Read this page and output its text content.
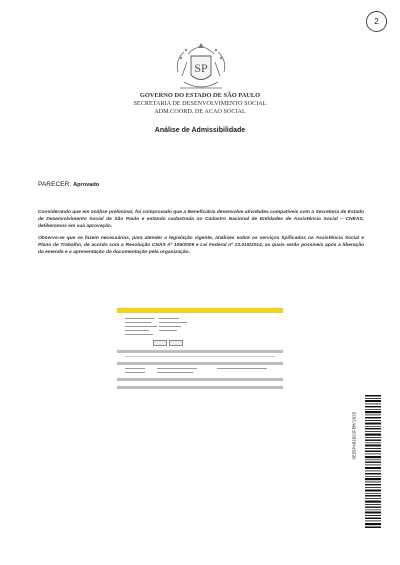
2
SP
GOVERNO DO ESTADO DE SÃO PAULO
SECRETARIA DE DESENVOLVIMENTO SOCIAL
ADM.COORD. DE ACAO SOCIAL
Análise de Admissibilidade
PARECER: Aprovado
Considerando que em análise preliminar, foi comprovado que a Beneficiária desenvolve atividades compatíveis com a Secretaria de Estado de Desenvolvimento Social de São Paulo e estando cadastrada no Cadastro Nacional de Entidades de Assistência Social – CNEAS, deliberamos em sua aprovação.
Observa-se que se fazem necessárias, para atender a legislação vigente, análises sobre os serviços tipificados na Assistência Social e Plano de Trabalho, de acordo com a Resolução CNAS nº 109/2009 e Lei Federal nº 13.019/2014, as quais serão possíveis após a liberação da emenda e a apresentação da documentação pela organização.
SEDSPAR2023FEM/2025
